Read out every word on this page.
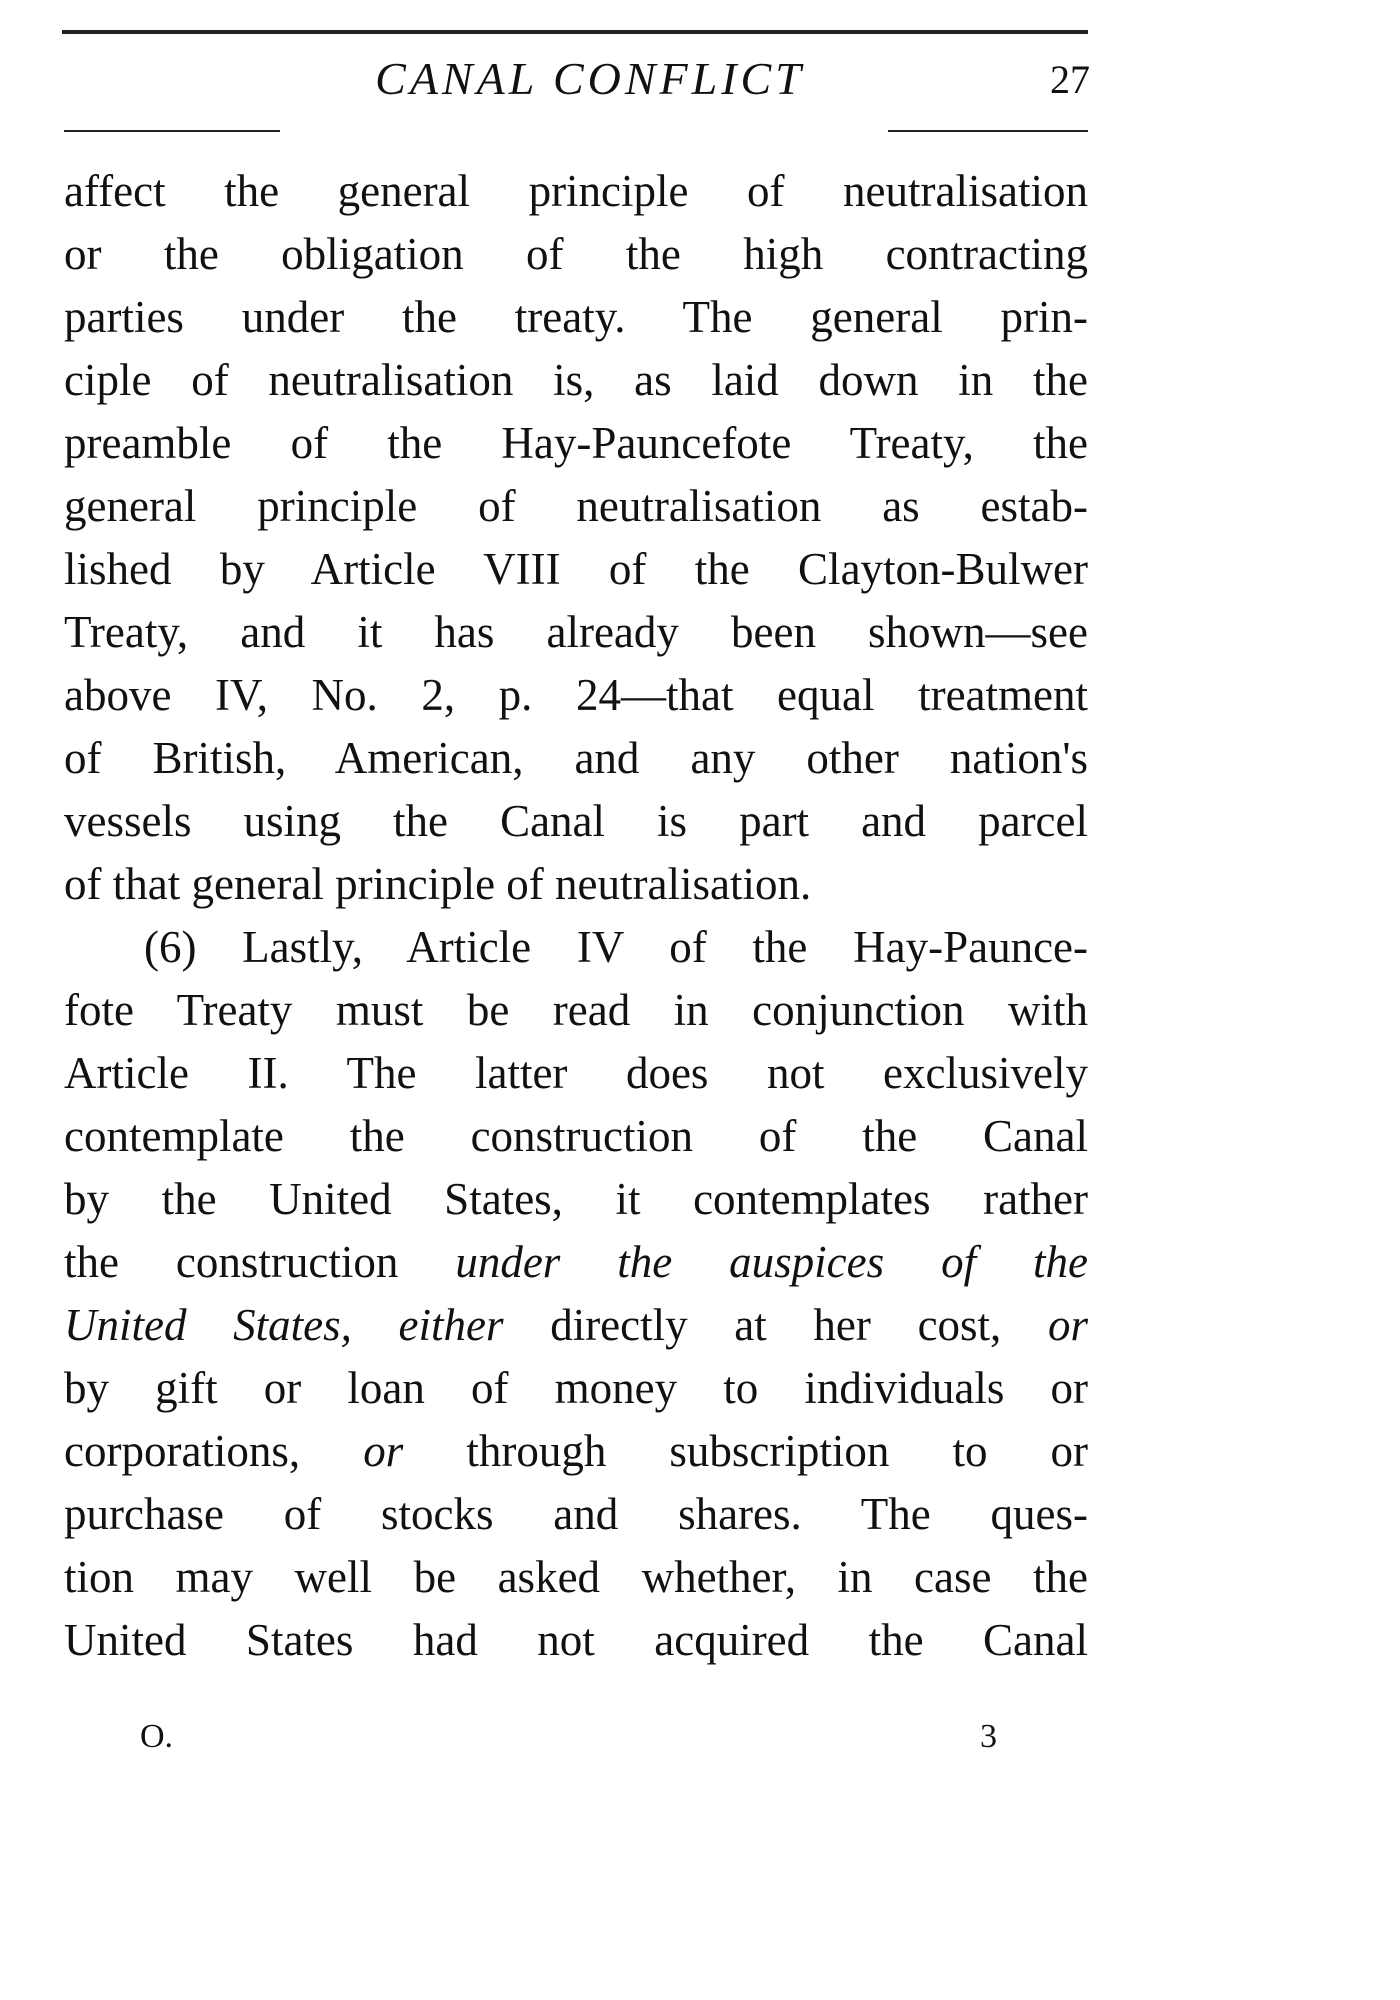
CANAL CONFLICT	27
affect the general principle of neutralisation
or the obligation of the high contracting
parties under the treaty. The general prin-
ciple of neutralisation is, as laid down in the
preamble of the Hay-Pauncefote Treaty, the
general principle of neutralisation as estab-
lished by Article VIII of the Clayton-Bulwer
Treaty, and it has already been shown—see
above IV, No. 2, p. 24—that equal treatment
of British, American, and any other nation's
vessels using the Canal is part and parcel
of that general principle of neutralisation.
(6) Lastly, Article IV of the Hay-Paunce-
fote Treaty must be read in conjunction with
Article II. The latter does not exclusively
contemplate the construction of the Canal
by the United States, it contemplates rather
the construction under the auspices of the
United States, either directly at her cost, or
by gift or loan of money to individuals or
corporations, or through subscription to or
purchase of stocks and shares. The ques-
tion may well be asked whether, in case the
United States had not acquired the Canal
O.	3
